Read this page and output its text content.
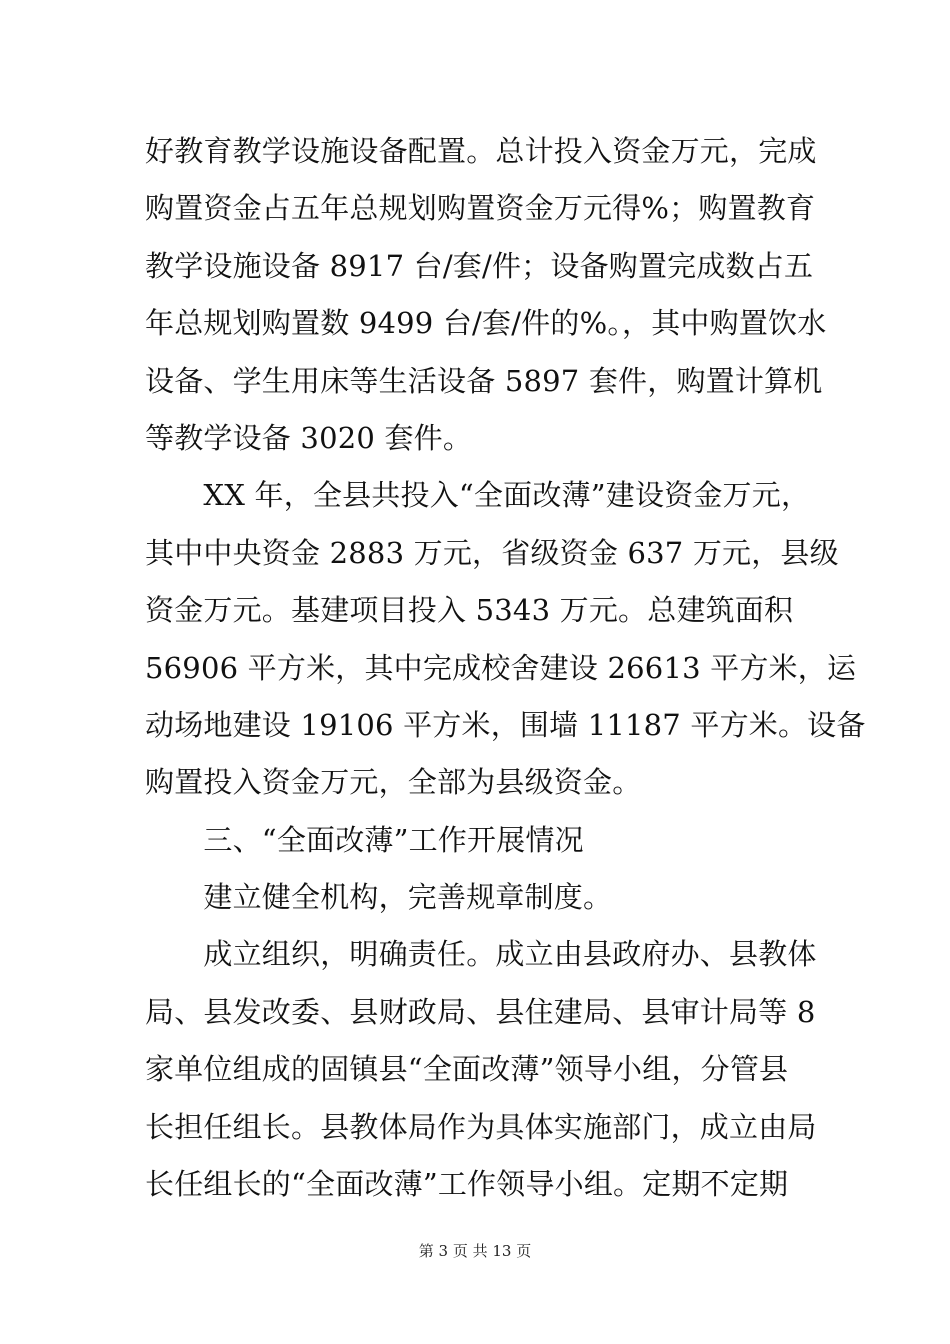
好教育教学设施设备配置。总计投入资金万元，完成
购置资金占五年总规划购置资金万元得%；购置教育
教学设施设备 8917 台/套/件；设备购置完成数占五
年总规划购置数 9499 台/套/件的%。，其中购置饮水
设备、学生用床等生活设备 5897 套件，购置计算机
等教学设备 3020 套件。
　　XX 年，全县共投入“全面改薄”建设资金万元，
其中中央资金 2883 万元，省级资金 637 万元，县级
资金万元。基建项目投入 5343 万元。总建筑面积
56906 平方米，其中完成校舍建设 26613 平方米，运
动场地建设 19106 平方米，围墙 11187 平方米。设备
购置投入资金万元，全部为县级资金。
　　三、“全面改薄”工作开展情况
　　建立健全机构，完善规章制度。
　　成立组织，明确责任。成立由县政府办、县教体
局、县发改委、县财政局、县住建局、县审计局等 8
家单位组成的固镇县“全面改薄”领导小组，分管县
长担任组长。县教体局作为具体实施部门，成立由局
长任组长的“全面改薄”工作领导小组。定期不定期
第 3 页 共 13 页
